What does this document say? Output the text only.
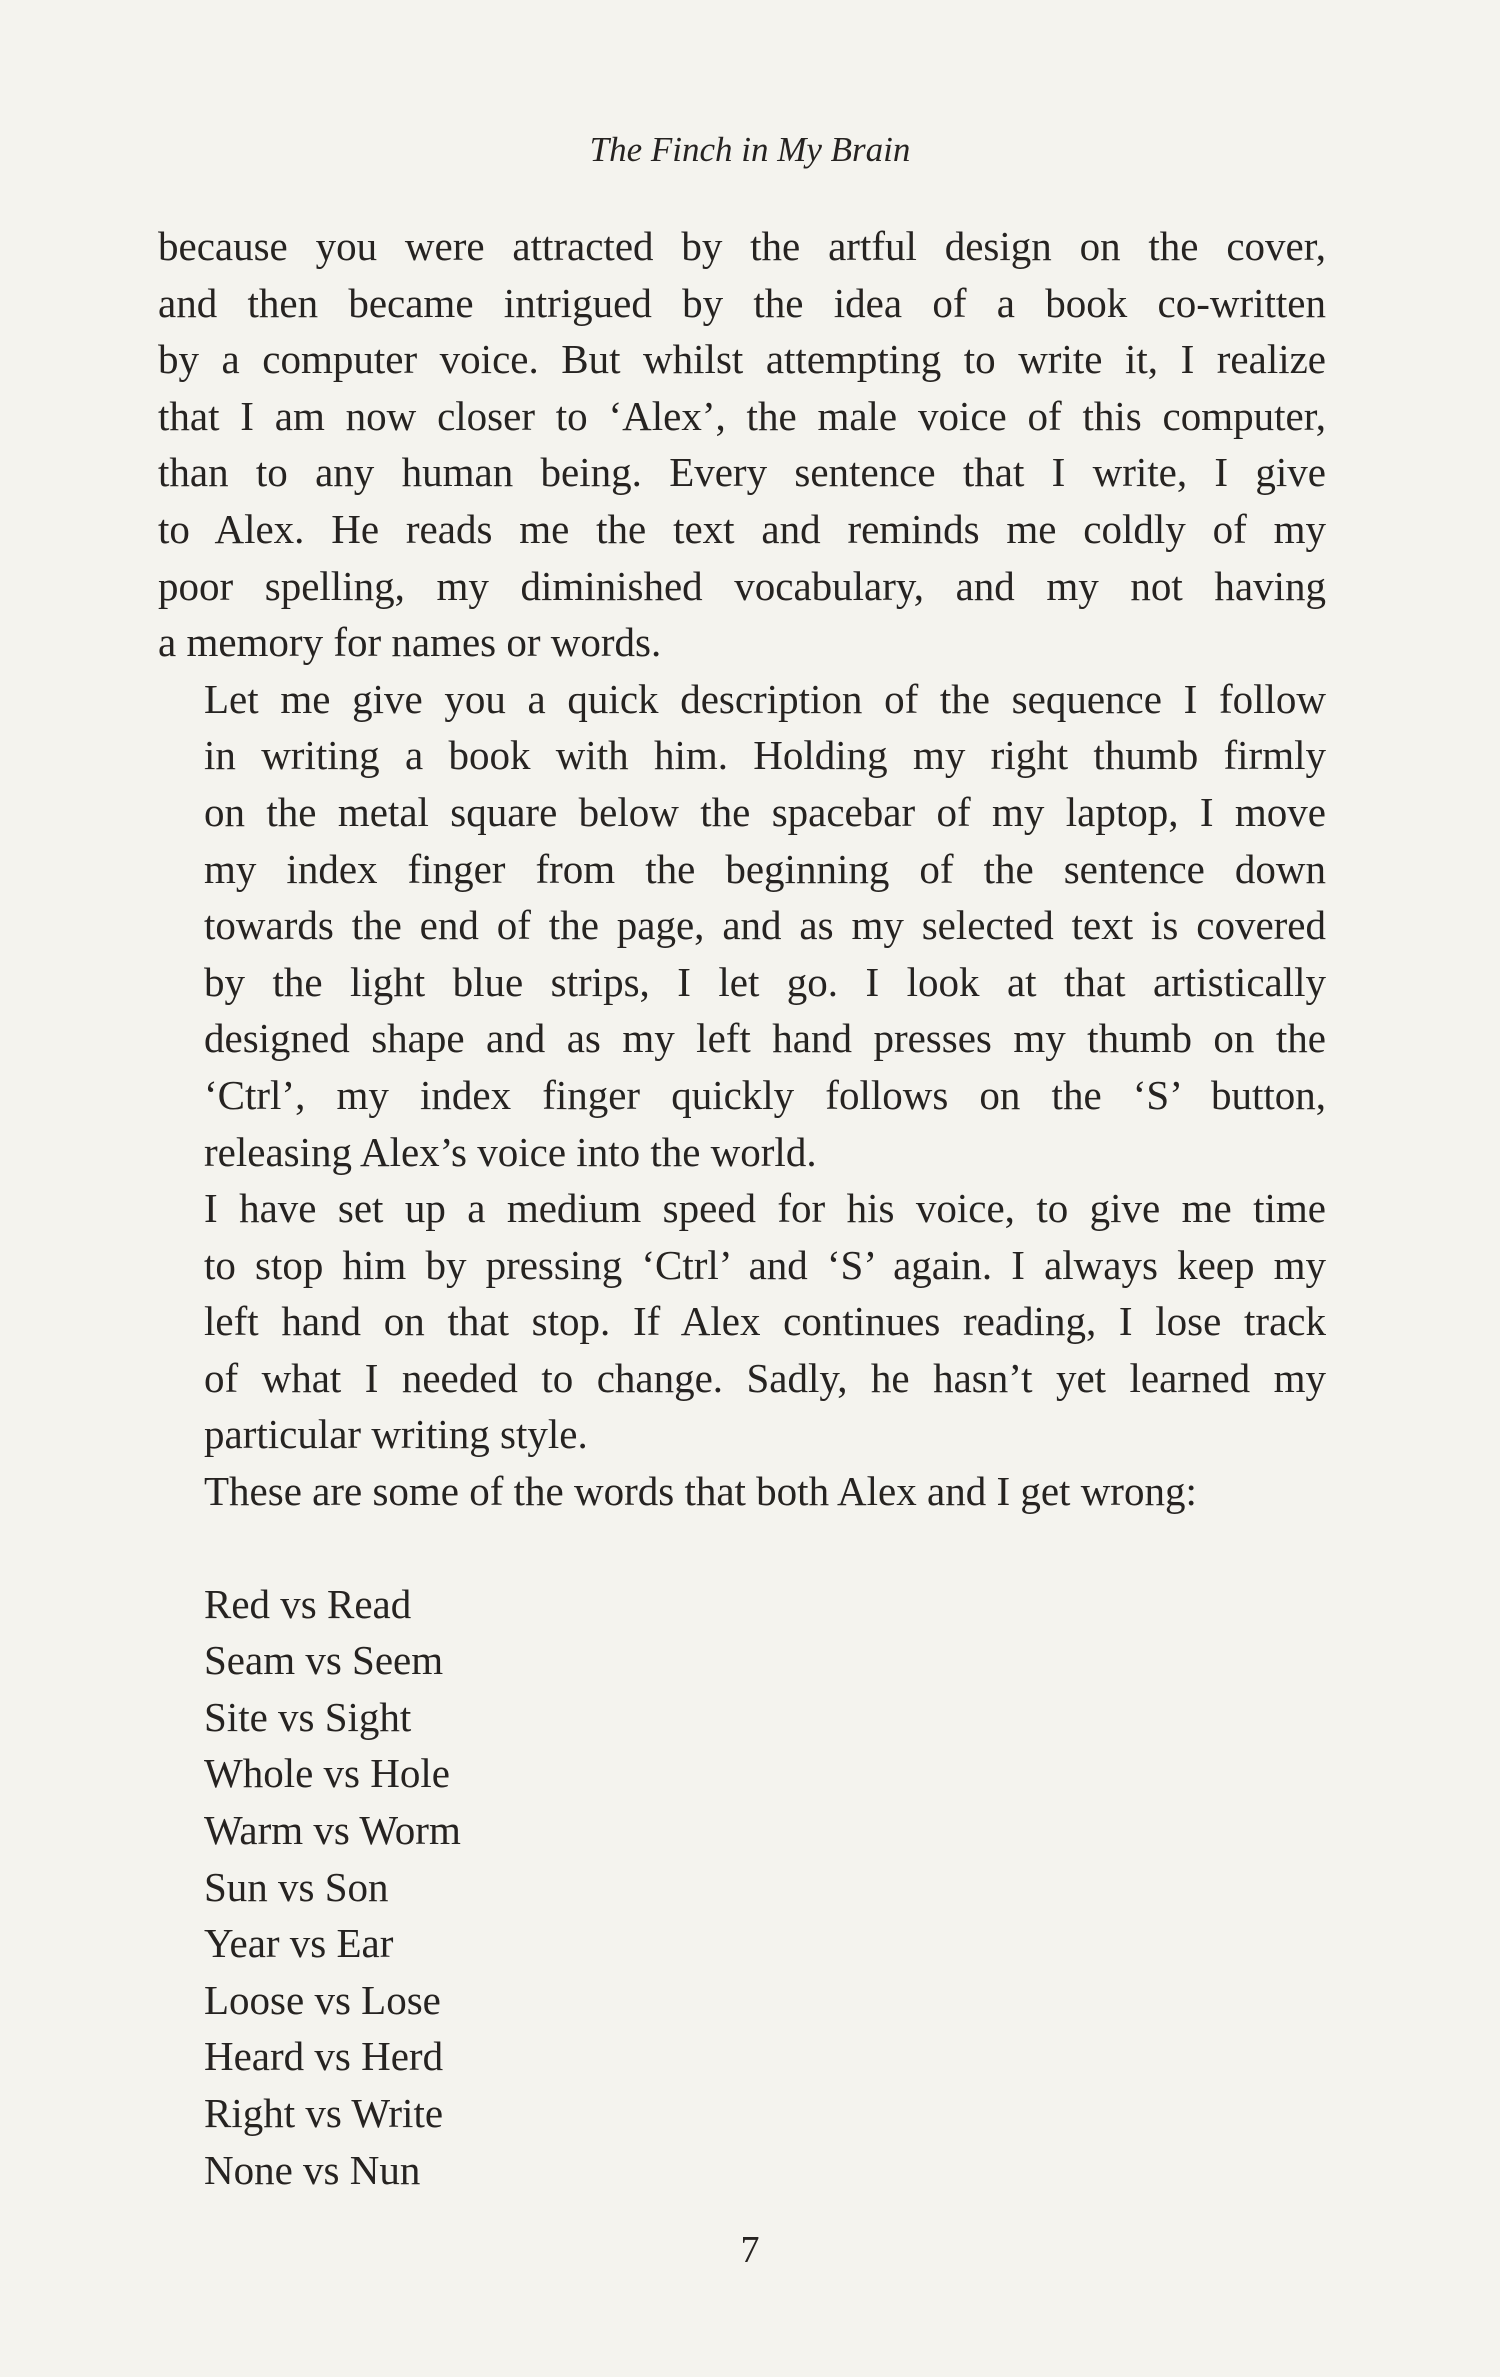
The Finch in My Brain

because you were attracted by the artful design on the cover,
and then became intrigued by the idea of a book co-written
by a computer voice. But whilst attempting to write it, I realize
that I am now closer to ‘Alex’, the male voice of this computer,
than to any human being. Every sentence that I write, I give
to Alex. He reads me the text and reminds me coldly of my
poor spelling, my diminished vocabulary, and my not having
a memory for names or words.

Let me give you a quick description of the sequence I follow
in writing a book with him. Holding my right thumb firmly
on the metal square below the spacebar of my laptop, I move
my index finger from the beginning of the sentence down
towards the end of the page, and as my selected text is covered
by the light blue strips, I let go. I look at that artistically
designed shape and as my left hand presses my thumb on the
‘Ctrl’, my index finger quickly follows on the ‘S’ button,
releasing Alex’s voice into the world.

I have set up a medium speed for his voice, to give me time
to stop him by pressing ‘Ctrl’ and ‘S’ again. I always keep my
left hand on that stop. If Alex continues reading, I lose track
of what I needed to change. Sadly, he hasn’t yet learned my
particular writing style.

These are some of the words that both Alex and I get wrong:

Red vs Read
Seam vs Seem
Site vs Sight
Whole vs Hole
Warm vs Worm
Sun vs Son
Year vs Ear
Loose vs Lose
Heard vs Herd
Right vs Write
None vs Nun
7
